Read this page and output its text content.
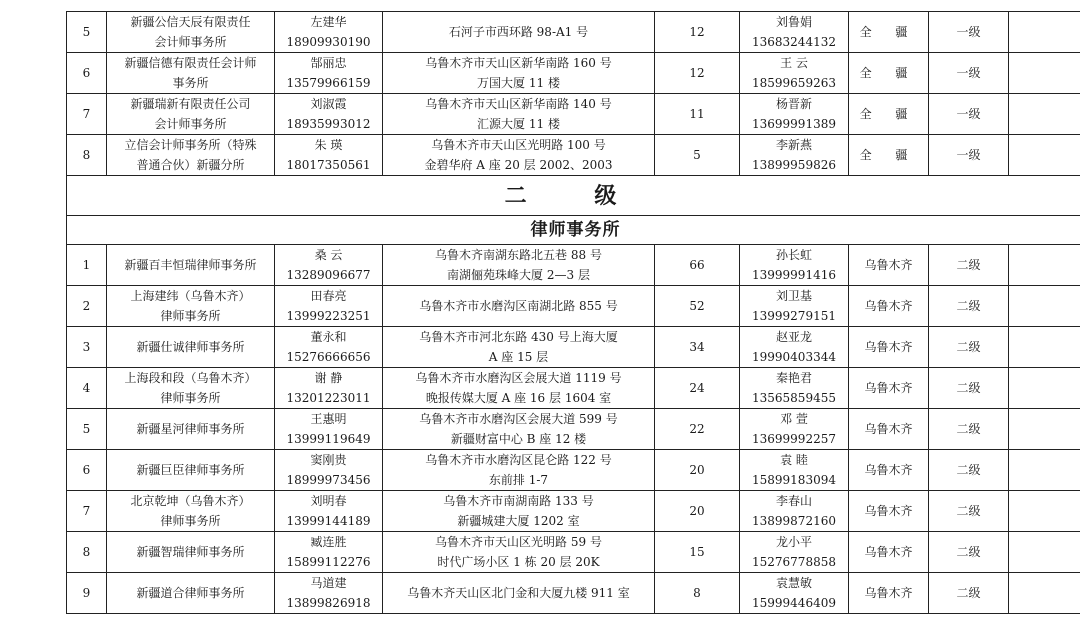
5	新疆公信天辰有限责任
会计师事务所	左建华
18909930190	石河子市西环路 98-A1 号	12	刘鲁娟
13683244132	全 疆	一级	
6	新疆信德有限责任会计师
事务所	郜丽忠
13579966159	乌鲁木齐市天山区新华南路 160 号
万国大厦 11 楼	12	王 云
18599659263	全 疆	一级	
7	新疆瑞新有限责任公司
会计师事务所	刘淑霞
18935993012	乌鲁木齐市天山区新华南路 140 号
汇源大厦 11 楼	11	杨晋新
13699991389	全 疆	一级	
8	立信会计师事务所（特殊
普通合伙）新疆分所	朱 瑛
18017350561	乌鲁木齐市天山区光明路 100 号
金碧华府 A 座 20 层 2002、2003	5	李新燕
13899959826	全 疆	一级	
二 级								
律师事务所								
1	新疆百丰恒瑞律师事务所	桑 云
13289096677	乌鲁木齐南湖东路北五巷 88 号
南湖俪苑珠峰大厦 2—3 层	66	孙长虹
13999991416	乌鲁木齐	二级	
2	上海建纬（乌鲁木齐）
律师事务所	田春亮
13999223251	乌鲁木齐市水磨沟区南湖北路 855 号	52	刘卫基
13999279151	乌鲁木齐	二级	
3	新疆仕诚律师事务所	董永和
15276666656	乌鲁木齐市河北东路 430 号上海大厦
A 座 15 层	34	赵亚龙
19990403344	乌鲁木齐	二级	
4	上海段和段（乌鲁木齐）
律师事务所	谢 静
13201223011	乌鲁木齐市水磨沟区会展大道 1119 号
晚报传媒大厦 A 座 16 层 1604 室	24	秦艳君
13565859455	乌鲁木齐	二级	
5	新疆星河律师事务所	王惠明
13999119649	乌鲁木齐市水磨沟区会展大道 599 号
新疆财富中心 B 座 12 楼	22	邓 萱
13699992257	乌鲁木齐	二级	
6	新疆巨臣律师事务所	窦刚贵
18999973456	乌鲁木齐市水磨沟区昆仑路 122 号
东前排 1-7	20	袁 睦
15899183094	乌鲁木齐	二级	
7	北京乾坤（乌鲁木齐）
律师事务所	刘明春
13999144189	乌鲁木齐市南湖南路 133 号
新疆城建大厦 1202 室	20	李春山
13899872160	乌鲁木齐	二级	
8	新疆智瑞律师事务所	臧连胜
15899112276	乌鲁木齐市天山区光明路 59 号
时代广场小区 1 栋 20 层 20K	15	龙小平
15276778858	乌鲁木齐	二级	
9	新疆道合律师事务所	马道建
13899826918	乌鲁木齐天山区北门金和大厦九楼 911 室	8	袁慧敏
15999446409	乌鲁木齐	二级	
